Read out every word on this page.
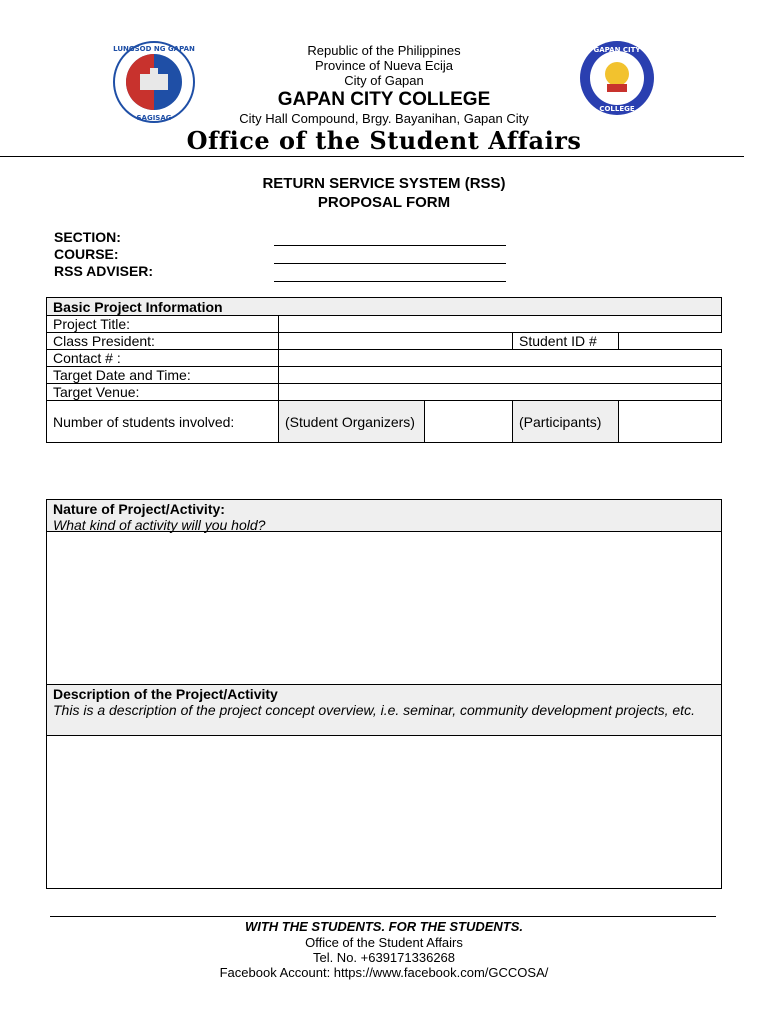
LUNGSOD NG GAPAN
SAGISAG
GAPAN CITY
COLLEGE
Republic of the Philippines
Province of Nueva Ecija
City of Gapan
GAPAN CITY COLLEGE
City Hall Compound, Brgy. Bayanihan, Gapan City
Office of the Student Affairs
RETURN SERVICE SYSTEM (RSS)
PROPOSAL FORM
SECTION:
COURSE:
RSS ADVISER:
Basic Project Information				
Project Title:				
Class President:			Student ID #	
Contact # :				
Target Date and Time:				
Target Venue:				
Number of students involved:	(Student Organizers)		(Participants)	
Nature of Project/Activity:
What kind of activity will you hold?
Description of the Project/Activity
This is a description of the project concept overview, i.e. seminar, community development projects, etc.
WITH THE STUDENTS. FOR THE STUDENTS.
Office of the Student Affairs
Tel. No. +639171336268
Facebook Account: https://www.facebook.com/GCCOSA/
